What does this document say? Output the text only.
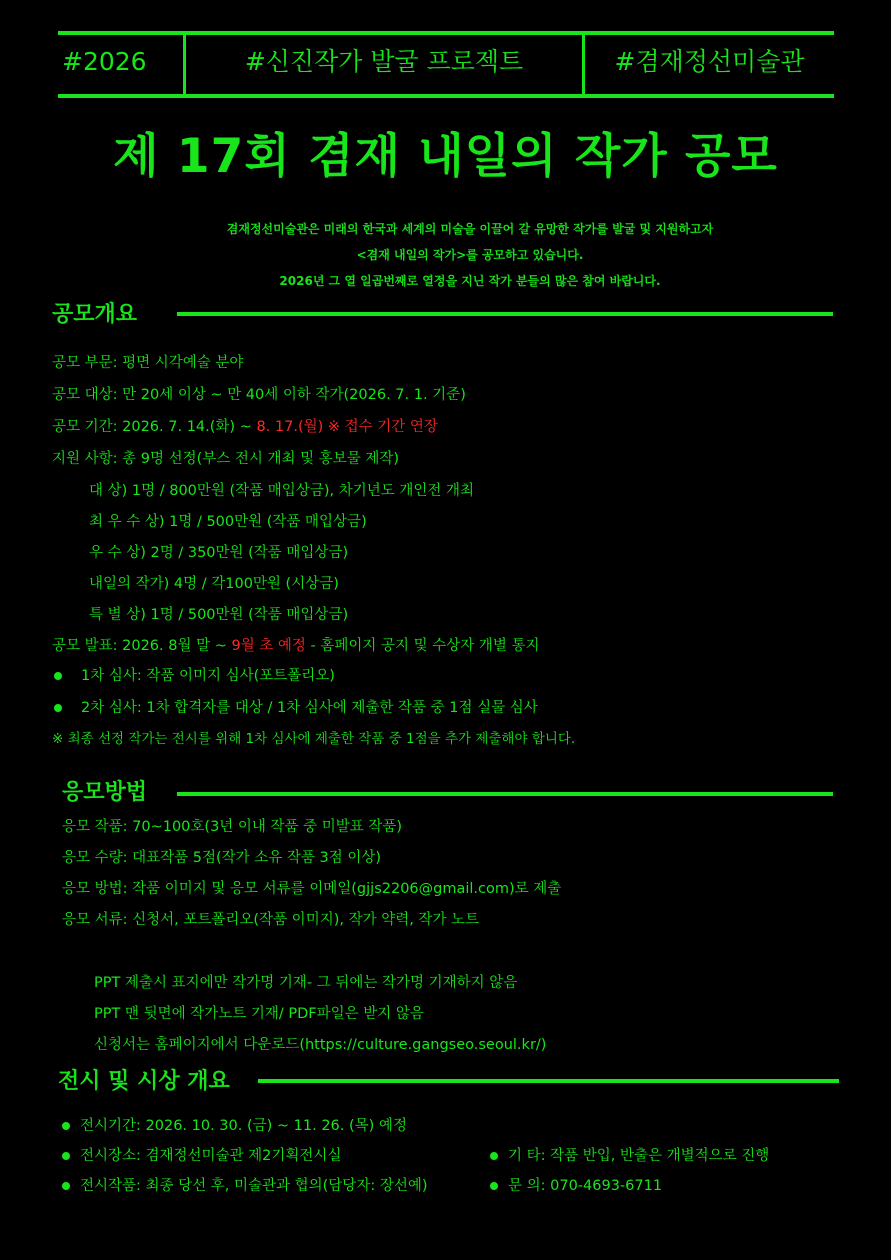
#2026	#신진작가 발굴 프로젝트	#겸재정선미술관
제 17회 겸재 내일의 작가 공모
겸재정선미술관은 미래의 한국과 세계의 미술을 이끌어 갈 유망한 작가를 발굴 및 지원하고자
<겸재 내일의 작가>를 공모하고 있습니다.
2026년 그 열 일곱번째로 열정을 지닌 작가 분들의 많은 참여 바랍니다.
공모개요
공모 부문: 평면 시각예술 분야
공모 대상: 만 20세 이상 ~ 만 40세 이하 작가(2026. 7. 1. 기준)
공모 기간: 2026. 7. 14.(화) ~ 8. 17.(월) ※ 접수 기간 연장
지원 사항: 총 9명 선정(부스 전시 개최 및 홍보물 제작)
대 상) 1명 / 800만원 (작품 매입상금), 차기년도 개인전 개최
최 우 수 상) 1명 / 500만원 (작품 매입상금)
우 수 상) 2명 / 350만원 (작품 매입상금)
내일의 작가) 4명 / 각100만원 (시상금)
특 별 상) 1명 / 500만원 (작품 매입상금)
공모 발표: 2026. 8월 말 ~ 9월 초 예정 - 홈페이지 공지 및 수상자 개별 통지
1차 심사: 작품 이미지 심사(포트폴리오)
2차 심사: 1차 합격자를 대상 / 1차 심사에 제출한 작품 중 1점 실물 심사
※ 최종 선정 작가는 전시를 위해 1차 심사에 제출한 작품 중 1점을 추가 제출해야 합니다.
응모방법
응모 작품: 70~100호(3년 이내 작품 중 미발표 작품)
응모 수량: 대표작품 5점(작가 소유 작품 3점 이상)
응모 방법: 작품 이미지 및 응모 서류를 이메일(gjjs2206@gmail.com)로 제출
응모 서류: 신청서, 포트폴리오(작품 이미지), 작가 약력, 작가 노트
PPT 제출시 표지에만 작가명 기재- 그 뒤에는 작가명 기재하지 않음
PPT 맨 뒷면에 작가노트 기재/ PDF파일은 받지 않음
신청서는 홈페이지에서 다운로드(https://culture.gangseo.seoul.kr/)
전시 및 시상 개요
전시기간: 2026. 10. 30. (금) ~ 11. 26. (목) 예정
전시장소: 겸재정선미술관 제2기획전시실
전시작품: 최종 당선 후, 미술관과 협의(담당자: 장선예)
기 타: 작품 반입, 반출은 개별적으로 진행
문 의: 070-4693-6711
